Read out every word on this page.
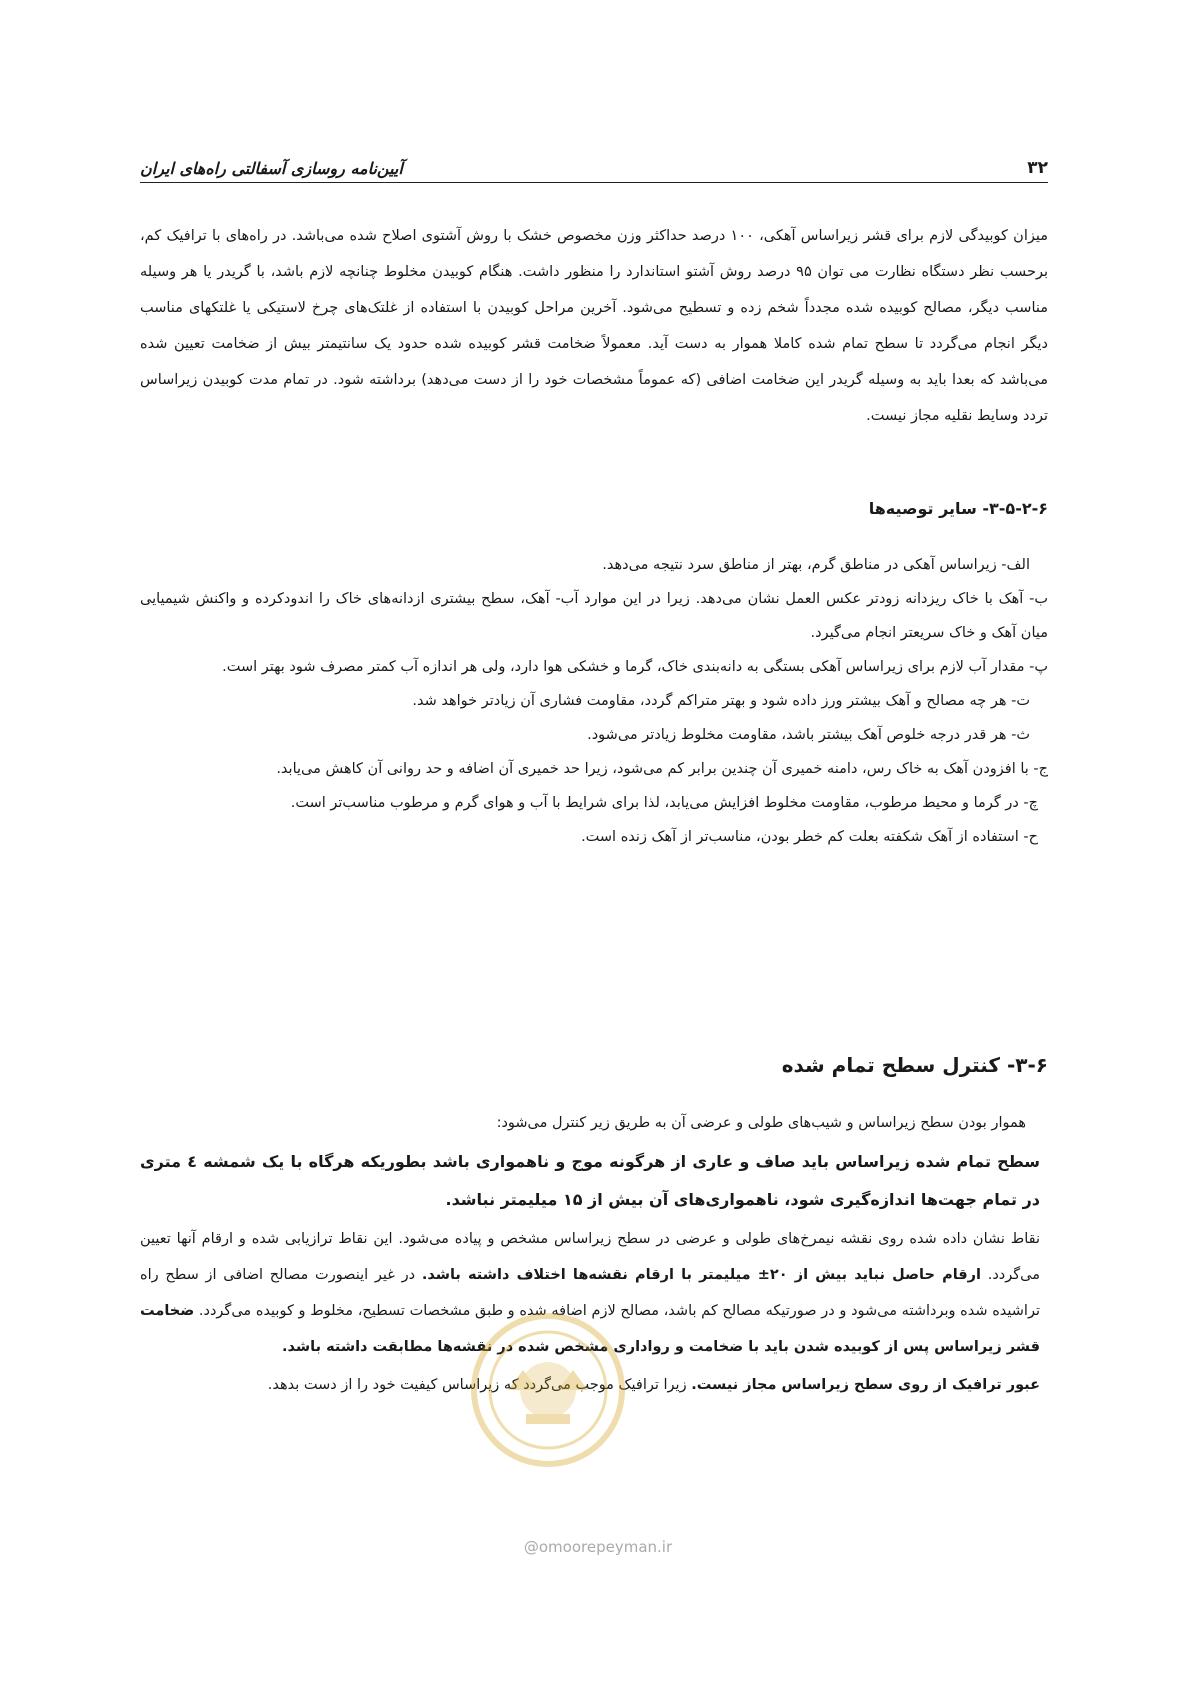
۳۲
آیین‌نامه روسازی آسفالتی راه‌های ایران

میزان کوبیدگی لازم برای قشر زیراساس آهکی، ۱۰۰ درصد حداکثر وزن مخصوص خشک با روش آشتوی اصلاح شده می‌باشد. در راه‌های با ترافیک کم، برحسب نظر دستگاه نظارت می توان ۹۵ درصد روش آشتو استاندارد را منظور داشت. هنگام کوبیدن مخلوط چنانچه لازم باشد، با گریدر یا هر وسیله مناسب دیگر، مصالح کوبیده شده مجدداً شخم زده و تسطیح می‌شود. آخرین مراحل کوبیدن با استفاده از غلتک‌های چرخ لاستیکی یا غلتکهای مناسب دیگر انجام می‌گردد تا سطح تمام شده کاملا هموار به دست آید. معمولاً ضخامت قشر کوبیده شده حدود یک سانتیمتر بیش از ضخامت تعیین شده می‌باشد که بعدا باید به وسیله گریدر این ضخامت اضافی (که عموماً مشخصات خود را از دست می‌دهد) برداشته شود. در تمام مدت کوبیدن زیراساس تردد وسایط نقلیه مجاز نیست.

۳-۵-۲-۶- سایر توصیه‌ها
الف- زیراساس آهکی در مناطق گرم، بهتر از مناطق سرد نتیجه می‌دهد.
ب- آهک با خاک ریزدانه زودتر عکس العمل نشان می‌دهد. زیرا در این موارد آب- آهک، سطح بیشتری ازدانه‌های خاک را اندودکرده و واکنش شیمیایی میان آهک و خاک سریعتر انجام می‌گیرد.
پ- مقدار آب لازم برای زیراساس آهکی بستگی به دانه‌بندی خاک، گرما و خشکی هوا دارد، ولی هر اندازه آب کمتر مصرف شود بهتر است.
ت- هر چه مصالح و آهک بیشتر ورز داده شود و بهتر متراکم گردد، مقاومت فشاری آن زیادتر خواهد شد.
ث- هر قدر درجه خلوص آهک بیشتر باشد، مقاومت مخلوط زیادتر می‌شود.
ج- با افزودن آهک به خاک رس، دامنه خمیری آن چندین برابر کم می‌شود، زیرا حد خمیری آن اضافه و حد روانی آن کاهش می‌یابد.
چ- در گرما و محیط مرطوب، مقاومت مخلوط افزایش می‌یابد، لذا برای شرایط با آب و هوای گرم و مرطوب مناسب‌تر است.
ح- استفاده از آهک شکفته بعلت کم خطر بودن، مناسب‌تر از آهک زنده است.
۳-۶- کنترل سطح تمام شده

هموار بودن سطح زیراساس و شیب‌های طولی و عرضی آن به طریق زیر کنترل می‌شود:

سطح تمام شده زیراساس باید صاف و عاری از هرگونه موج و ناهمواری باشد بطوریکه هرگاه با یک شمشه ٤ متری در تمام جهت‌ها اندازه‌گیری شود، ناهمواری‌های آن بیش از ۱۵ میلیمتر نباشد.

نقاط نشان داده شده روی نقشه نیمرخ‌های طولی و عرضی در سطح زیراساس مشخص و پیاده می‌شود. این نقاط ترازیابی شده و ارقام آنها تعیین می‌گردد. ارقام حاصل نباید بیش از ۲۰± میلیمتر با ارقام نقشه‌ها اختلاف داشته باشد. در غیر اینصورت مصالح اضافی از سطح راه تراشیده شده وبرداشته می‌شود و در صورتیکه مصالح کم باشد، مصالح لازم اضافه شده و طبق مشخصات تسطیح، مخلوط و کوبیده می‌گردد. ضخامت قشر زیراساس پس از کوبیده شدن باید با ضخامت و رواداری مشخص شده در نقشه‌ها مطابقت داشته باشد.

عبور ترافیک از روی سطح زیراساس مجاز نیست. زیرا ترافیک موجب می‌گردد که زیراساس کیفیت خود را از دست بدهد.

@omoorepeyman.ir
